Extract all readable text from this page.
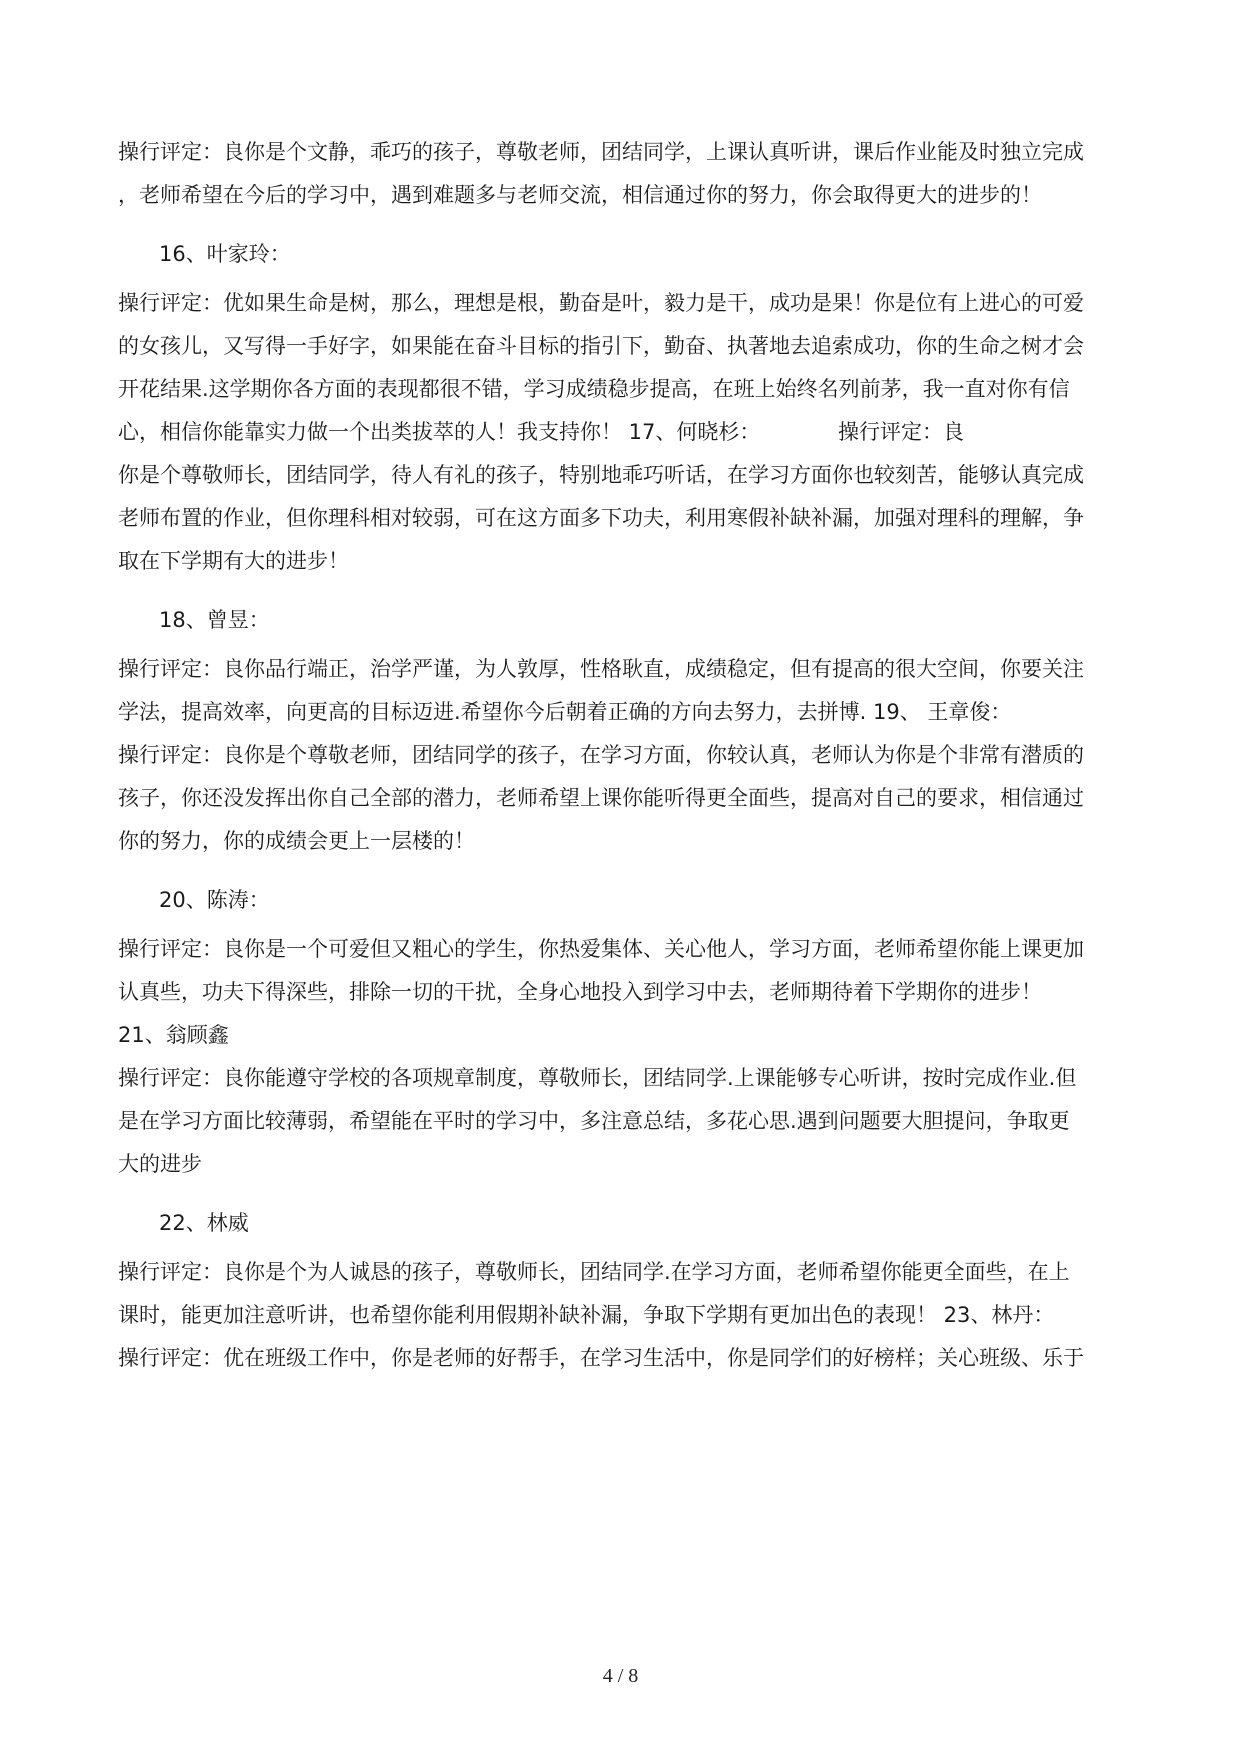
操行评定：良你是个文静，乖巧的孩子，尊敬老师，团结同学，上课认真听讲，课后作业能及时独立完成
，老师希望在今后的学习中，遇到难题多与老师交流，相信通过你的努力，你会取得更大的进步的！
16、叶家玲：
操行评定：优如果生命是树，那么，理想是根，勤奋是叶，毅力是干，成功是果！你是位有上进心的可爱
的女孩儿，又写得一手好字，如果能在奋斗目标的指引下，勤奋、执著地去追索成功，你的生命之树才会
开花结果.这学期你各方面的表现都很不错，学习成绩稳步提高，在班上始终名列前茅，我一直对你有信
心，相信你能靠实力做一个出类拔萃的人！我支持你！ 17、何晓杉：	操行评定：良
你是个尊敬师长，团结同学，待人有礼的孩子，特别地乖巧听话，在学习方面你也较刻苦，能够认真完成
老师布置的作业，但你理科相对较弱，可在这方面多下功夫，利用寒假补缺补漏，加强对理科的理解，争
取在下学期有大的进步！
18、曾昱：
操行评定：良你品行端正，治学严谨，为人敦厚，性格耿直，成绩稳定，但有提高的很大空间，你要关注
学法，提高效率，向更高的目标迈进.希望你今后朝着正确的方向去努力，去拼博. 19、 王章俊：
操行评定：良你是个尊敬老师，团结同学的孩子，在学习方面，你较认真，老师认为你是个非常有潜质的
孩子，你还没发挥出你自己全部的潜力，老师希望上课你能听得更全面些，提高对自己的要求，相信通过
你的努力，你的成绩会更上一层楼的！
20、陈涛：
操行评定：良你是一个可爱但又粗心的学生，你热爱集体、关心他人，学习方面，老师希望你能上课更加
认真些，功夫下得深些，排除一切的干扰，全身心地投入到学习中去，老师期待着下学期你的进步！
21、翁顾鑫
操行评定：良你能遵守学校的各项规章制度，尊敬师长，团结同学.上课能够专心听讲，按时完成作业.但
是在学习方面比较薄弱，希望能在平时的学习中，多注意总结，多花心思.遇到问题要大胆提问，争取更
大的进步
22、林威
操行评定：良你是个为人诚恳的孩子，尊敬师长，团结同学.在学习方面，老师希望你能更全面些，在上
课时，能更加注意听讲，也希望你能利用假期补缺补漏，争取下学期有更加出色的表现！ 23、林丹：
操行评定：优在班级工作中，你是老师的好帮手，在学习生活中，你是同学们的好榜样；关心班级、乐于
4 / 8
